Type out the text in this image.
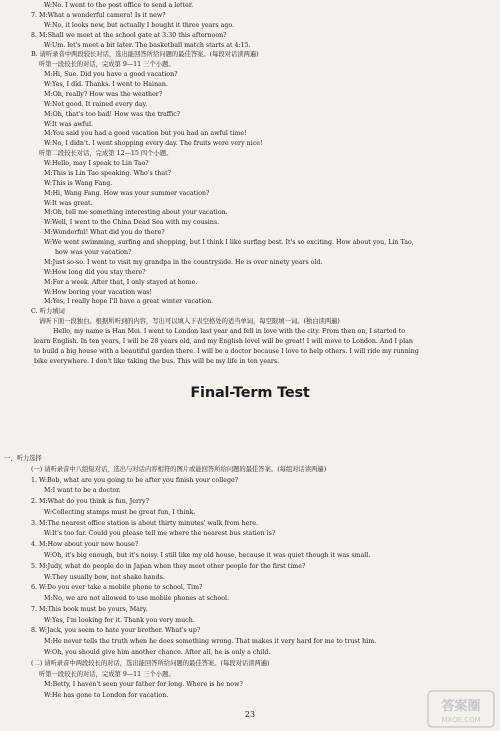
W:No. I went to the post office to send a letter.
7. M:What a wonderful camera! Is it new?
W:No, it looks new, but actually I bought it three years ago.
8. M:Shall we meet at the school gate at 3:30 this afternoon?
W:Um. let's meet a bit later. The basketball match starts at 4:15.
B. 请听录音中两段较长对话，选出能回答所给问题的最佳答案。(每段对话读两遍)
听第一段较长的对话，完成第 9—11 三个小题。
M:Hi, Sue. Did you have a good vacation?
W:Yes, I did. Thanks. I went to Hainan.
M:Oh, really? How was the weather?
W:Not good. It rained every day.
M:Oh, that's too bad! How was the traffic?
W:It was awful.
M:You said you had a good vacation but you had an awful time!
W:No, I didn't. I went shopping every day. The fruits were very nice!
听第二段较长对话，完成第 12—15 四个小题。
W:Hello, may I speak to Lin Tao?
M:This is Lin Tao speaking. Who's that?
W:This is Wang Fang.
M:Hi, Wang Fang. How was your summer vacation?
W:It was great.
M:Oh, tell me something interesting about your vacation.
W:Well, I went to the China Dead Sea with my cousins.
M:Wonderful! What did you do there?
W:We went swimming, surfing and shopping, but I think I like surfing best. It's so exciting. How about you, Lin Tao,
how was your vacation?
M:Just so-so. I went to visit my grandpa in the countryside. He is over ninety years old.
W:How long did you stay there?
M:For a week. After that, I only stayed at home.
W:How boring your vacation was!
M:Yes, I really hope I'll have a great winter vacation.
C. 听力填词
请听下面一段独白。根据所听到的内容，写出可以填入下表空格处的适当单词，每空限填一词。(独白读两遍)
Hello, my name is Han Mei. I went to London last year and fell in love with the city. From then on, I started to
learn English. In ten years, I will be 28 years old, and my English level will be great! I will move to London. And I plan
to build a big house with a beautiful garden there. I will be a doctor because I love to help others. I will ride my running
bike everywhere. I don't like taking the bus. This will be my life in ten years.
Final-Term Test
一、听力选择
(一) 请听录音中八组短对话，选出与对话内容相符的图片或能回答所给问题的最佳答案。(每组对话读两遍)
1. W:Bob, what are you going to be after you finish your college?
M:I want to be a doctor.
2. M:What do you think is fun, Jerry?
W:Collecting stamps must be great fun, I think.
3. M:The nearest office station is about thirty minutes' walk from here.
W:It's too far. Could you please tell me where the nearest bus station is?
4. M:How about your new house?
W:Oh, it's big enough, but it's noisy. I still like my old house, because it was quiet though it was small.
5. M:Judy, what do people do in Japan when they meet other people for the first time?
W:They usually bow, not shake hands.
6. W:Do you ever take a mobile phone to school, Tim?
M:No, we are not allowed to use mobile phones at school.
7. M:This book must be yours, Mary.
W:Yes, I'm looking for it. Thank you very much.
8. W:Jack, you seem to hate your brother. What's up?
M:He never tells the truth when he does something wrong. That makes it very hard for me to trust him.
W:Oh, you should give him another chance. After all, he is only a child.
(二) 请听录音中两段较长的对话，选出能回答所给问题的最佳答案。(每段对话读两遍)
听第一段较长的对话，完成第 9—11 三个小题。
M:Betty, I haven't seen your father for long. Where is he now?
W:He has gone to London for vacation.
23
答案圈
MXQE.COM
